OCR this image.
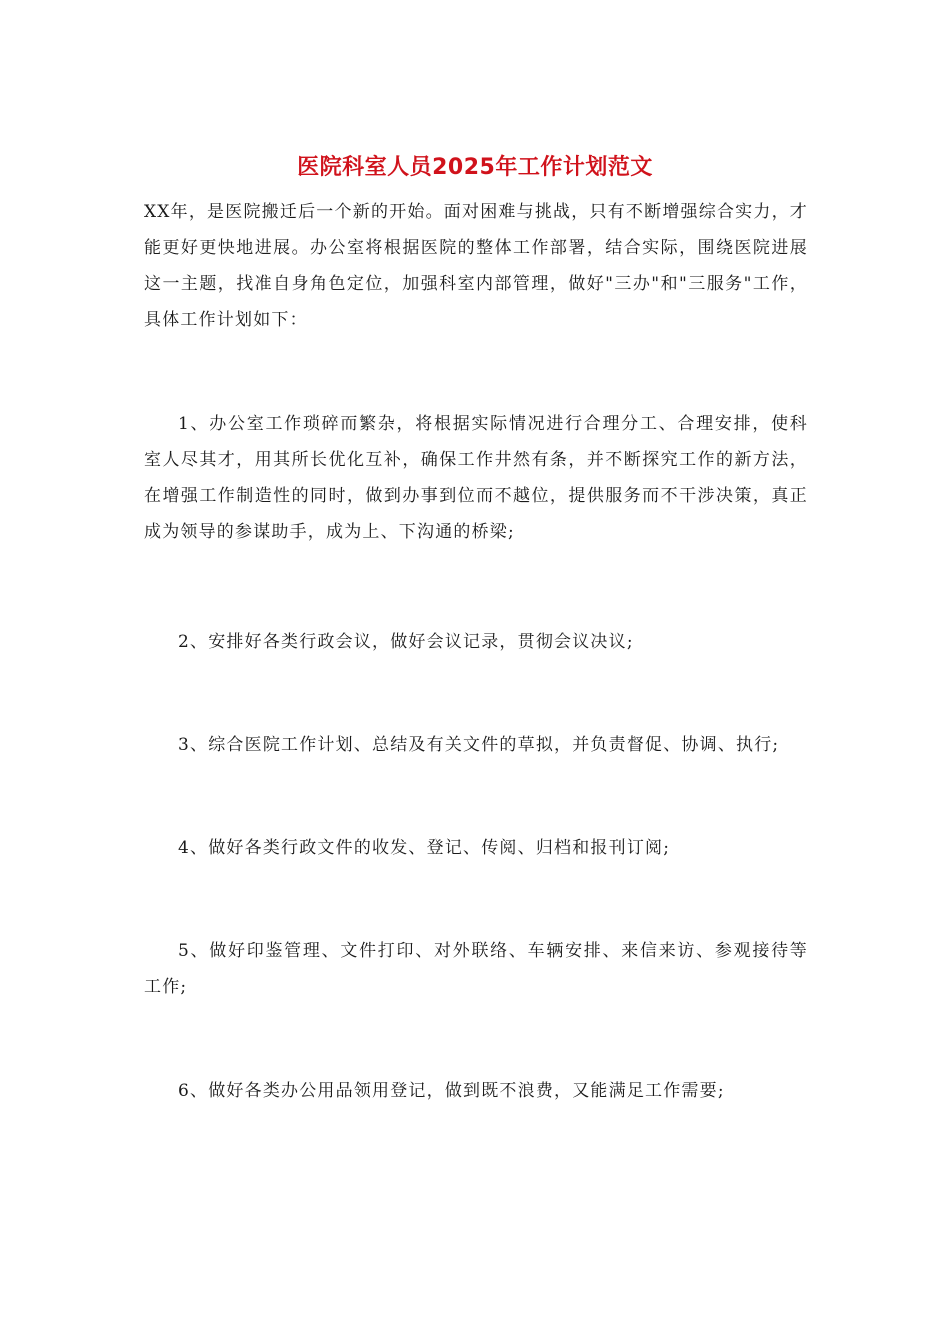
医院科室人员2025年工作计划范文

XX年，是医院搬迁后一个新的开始。面对困难与挑战，只有不断增强综合实力，才能更好更快地进展。办公室将根据医院的整体工作部署，结合实际，围绕医院进展这一主题，找准自身角色定位，加强科室内部管理，做好"三办"和"三服务"工作，具体工作计划如下：

1、办公室工作琐碎而繁杂，将根据实际情况进行合理分工、合理安排，使科室人尽其才，用其所长优化互补，确保工作井然有条，并不断探究工作的新方法，在增强工作制造性的同时，做到办事到位而不越位，提供服务而不干涉决策，真正成为领导的参谋助手，成为上、下沟通的桥梁;

2、安排好各类行政会议，做好会议记录，贯彻会议决议;

3、综合医院工作计划、总结及有关文件的草拟，并负责督促、协调、执行;

4、做好各类行政文件的收发、登记、传阅、归档和报刊订阅;

5、做好印鉴管理、文件打印、对外联络、车辆安排、来信来访、参观接待等工作;

6、做好各类办公用品领用登记，做到既不浪费，又能满足工作需要;
